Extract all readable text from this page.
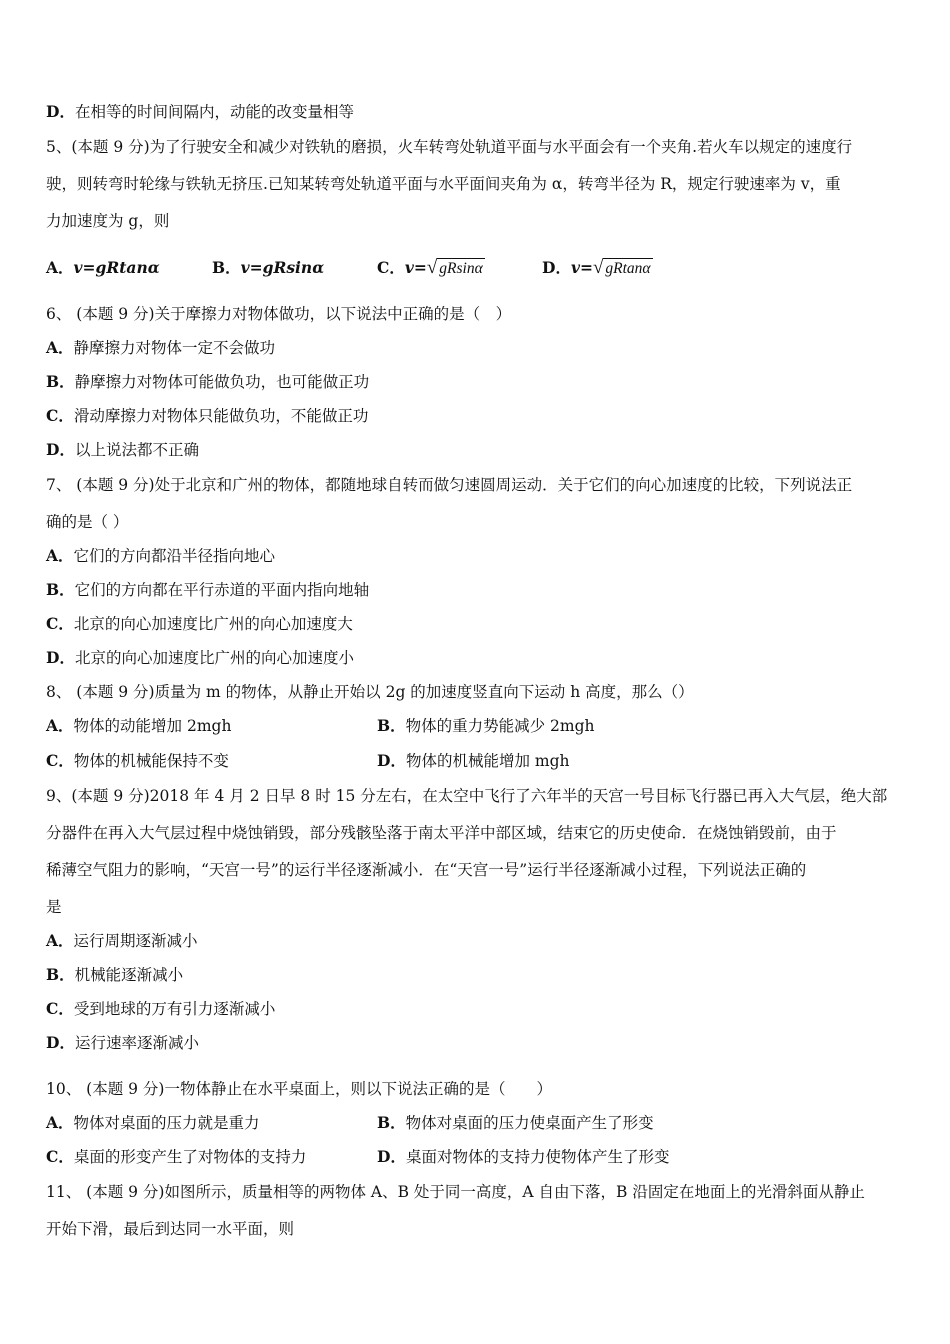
D．在相等的时间间隔内，动能的改变量相等
5、(本题 9 分)为了行驶安全和减少对铁轨的磨损，火车转弯处轨道平面与水平面会有一个夹角.若火车以规定的速度行
驶，则转弯时轮缘与铁轨无挤压.已知某转弯处轨道平面与水平面间夹角为 α，转弯半径为 R，规定行驶速率为 v，重
力加速度为 g，则
A．v=gRtanα	B．v=gRsinα	C．v=√ gRsinα	D．v=√ gRtanα
6、 (本题 9 分)关于摩擦力对物体做功，以下说法中正确的是（　）
A．静摩擦力对物体一定不会做功
B．静摩擦力对物体可能做负功，也可能做正功
C．滑动摩擦力对物体只能做负功，不能做正功
D．以上说法都不正确
7、 (本题 9 分)处于北京和广州的物体，都随地球自转而做匀速圆周运动．关于它们的向心加速度的比较，下列说法正
确的是（ ）
A．它们的方向都沿半径指向地心
B．它们的方向都在平行赤道的平面内指向地轴
C．北京的向心加速度比广州的向心加速度大
D．北京的向心加速度比广州的向心加速度小
8、 (本题 9 分)质量为 m 的物体，从静止开始以 2g 的加速度竖直向下运动 h 高度，那么（）
A．物体的动能增加 2mgh	B．物体的重力势能减少 2mgh
C．物体的机械能保持不变	D．物体的机械能增加 mgh
9、(本题 9 分)2018 年 4 月 2 日早 8 时 15 分左右，在太空中飞行了六年半的天宫一号目标飞行器已再入大气层，绝大部
分器件在再入大气层过程中烧蚀销毁，部分残骸坠落于南太平洋中部区域，结束它的历史使命．在烧蚀销毁前，由于
稀薄空气阻力的影响，“天宫一号”的运行半径逐渐减小．在“天宫一号”运行半径逐渐减小过程，下列说法正确的
是
A．运行周期逐渐减小
B．机械能逐渐减小
C．受到地球的万有引力逐渐减小
D．运行速率逐渐减小
10、 (本题 9 分)一物体静止在水平桌面上，则以下说法正确的是（　　）
A．物体对桌面的压力就是重力	B．物体对桌面的压力使桌面产生了形变
C．桌面的形变产生了对物体的支持力	D．桌面对物体的支持力使物体产生了形变
11、 (本题 9 分)如图所示，质量相等的两物体 A、B 处于同一高度，A 自由下落，B 沿固定在地面上的光滑斜面从静止
开始下滑，最后到达同一水平面，则
